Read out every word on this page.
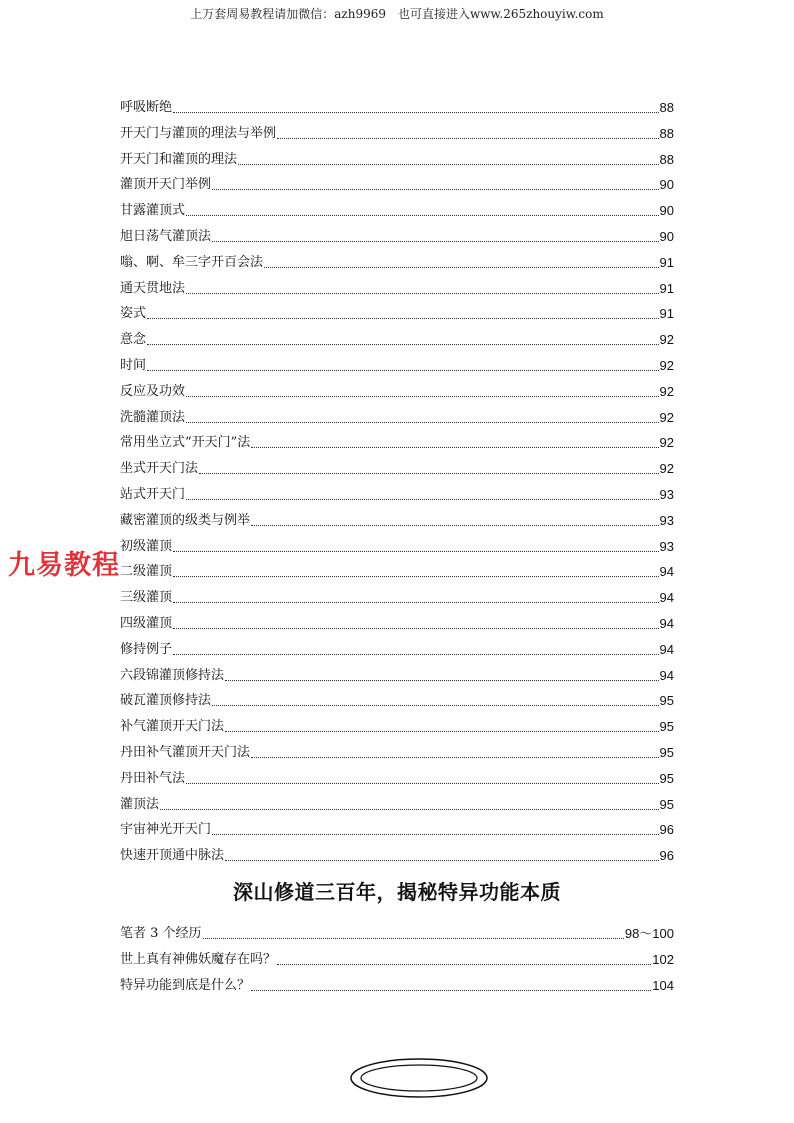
上万套周易教程请加微信：azh9969　也可直接进入www.265zhouyiw.com
呼吸断绝	88
开天门与灌顶的理法与举例	88
开天门和灌顶的理法	88
灌顶开天门举例	90
甘露灌顶式	90
旭日荡气灌顶法	90
嗡、啊、牟三字开百会法	91
通天贯地法	91
姿式	91
意念	92
时间	92
反应及功效	92
洗髓灌顶法	92
常用坐立式“开天门”法	92
坐式开天门法	92
站式开天门	93
藏密灌顶的级类与例举	93
初级灌顶	93
二级灌顶	94
三级灌顶	94
四级灌顶	94
修持例子	94
六段锦灌顶修持法	94
破瓦灌顶修持法	95
补气灌顶开天门法	95
丹田补气灌顶开天门法	95
丹田补气法	95
灌顶法	95
宇宙神光开天门	96
快速开顶通中脉法	96
深山修道三百年，揭秘特异功能本质
笔者 3 个经历	98～100
世上真有神佛妖魔存在吗？	102
特异功能到底是什么？	104
九易教程
